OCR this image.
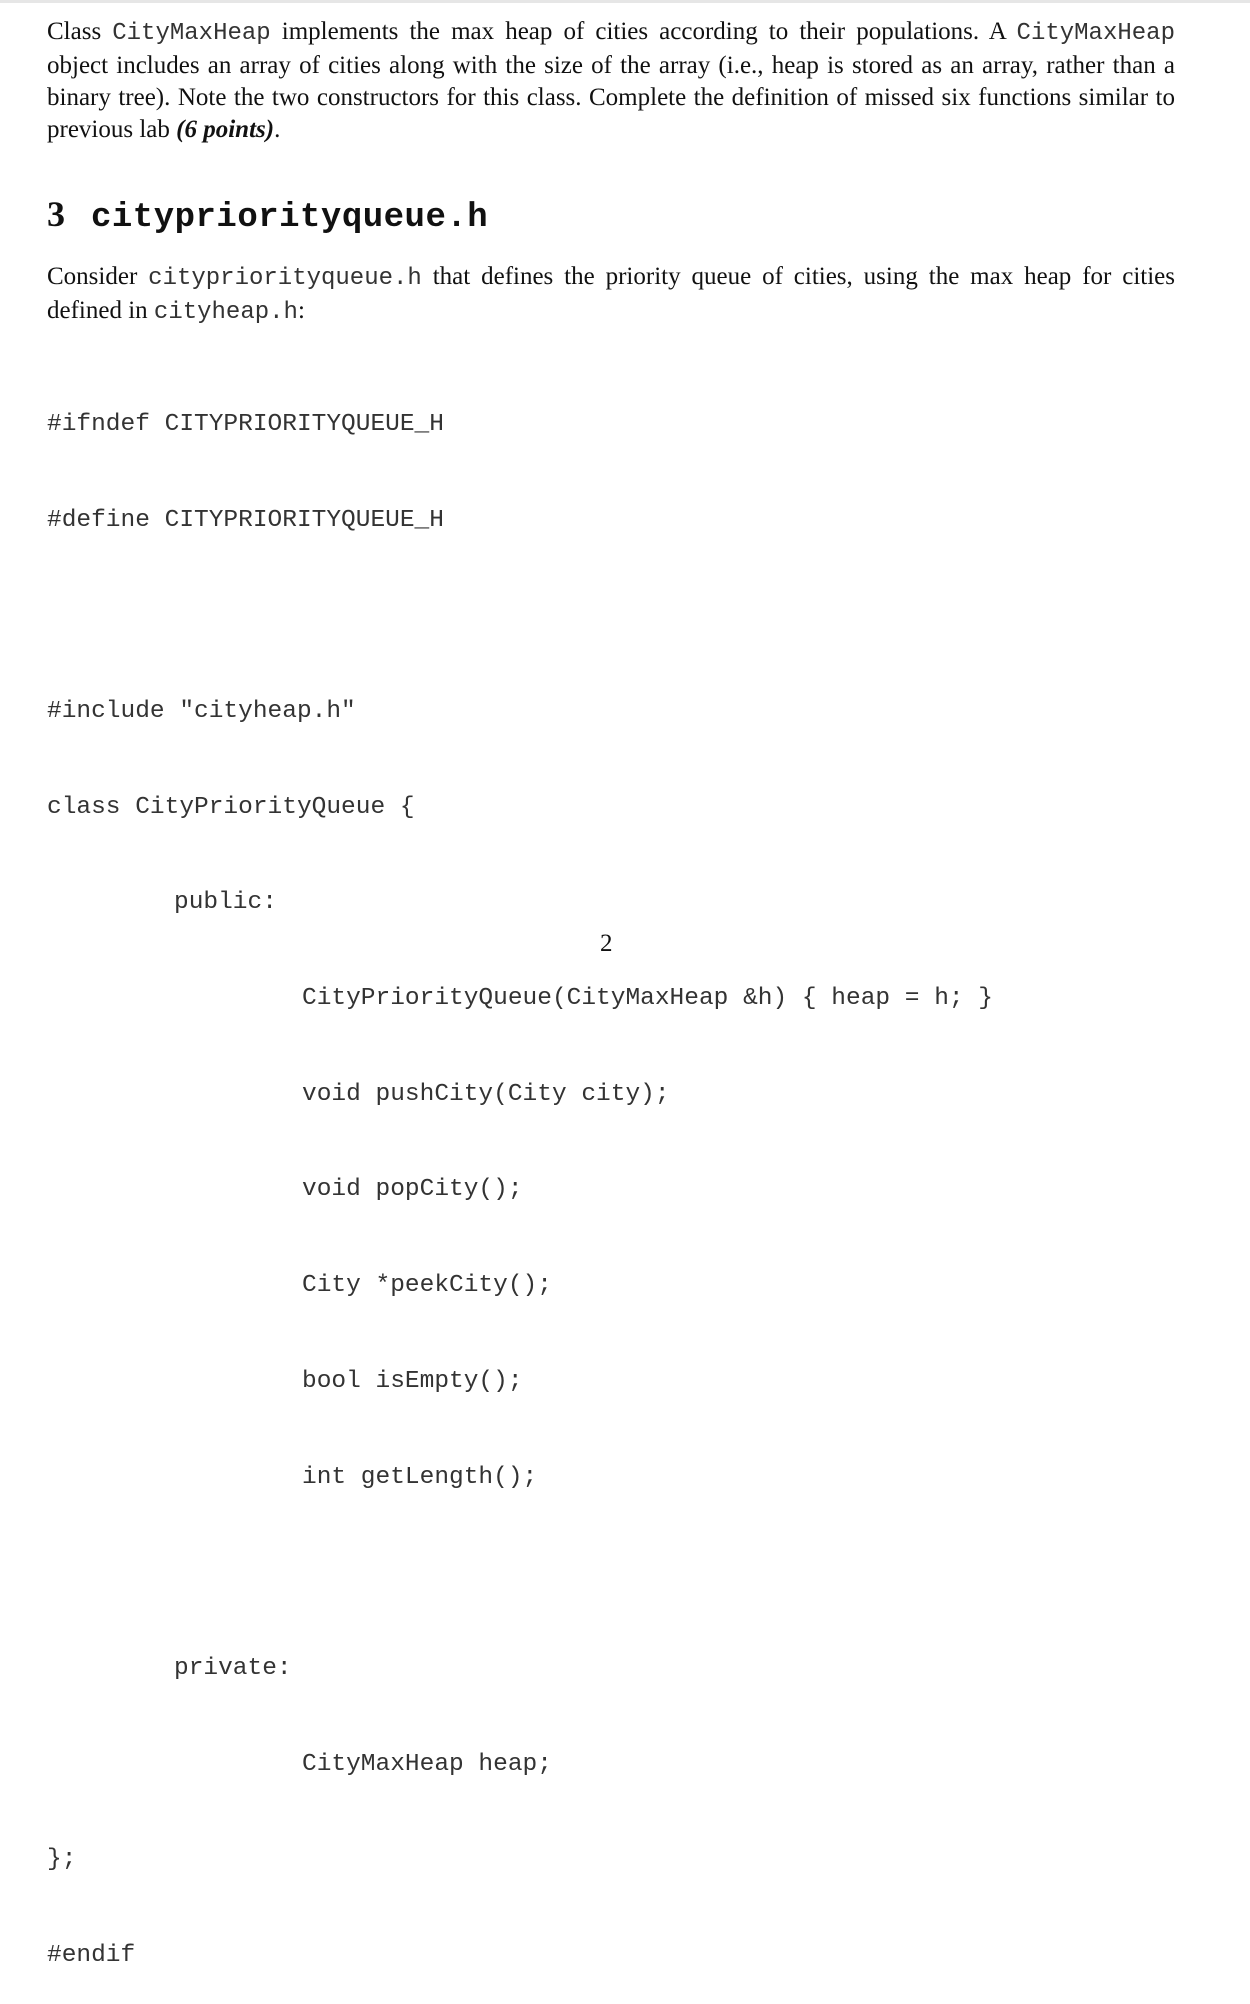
Class CityMaxHeap implements the max heap of cities according to their populations. A CityMaxHeap object includes an array of cities along with the size of the array (i.e., heap is stored as an array, rather than a binary tree). Note the two constructors for this class. Complete the definition of missed six functions similar to previous lab (6 points).

3 citypriorityqueue.h

Consider citypriorityqueue.h that defines the priority queue of cities, using the max heap for cities defined in cityheap.h:

#ifndef CITYPRIORITYQUEUE_H

#define CITYPRIORITYQUEUE_H

#include "cityheap.h"

class CityPriorityQueue {

public:

CityPriorityQueue(CityMaxHeap &h) { heap = h; }

void pushCity(City city);

void popCity();

City *peekCity();

bool isEmpty();

int getLength();

private:

CityMaxHeap heap;

};

#endif

2
